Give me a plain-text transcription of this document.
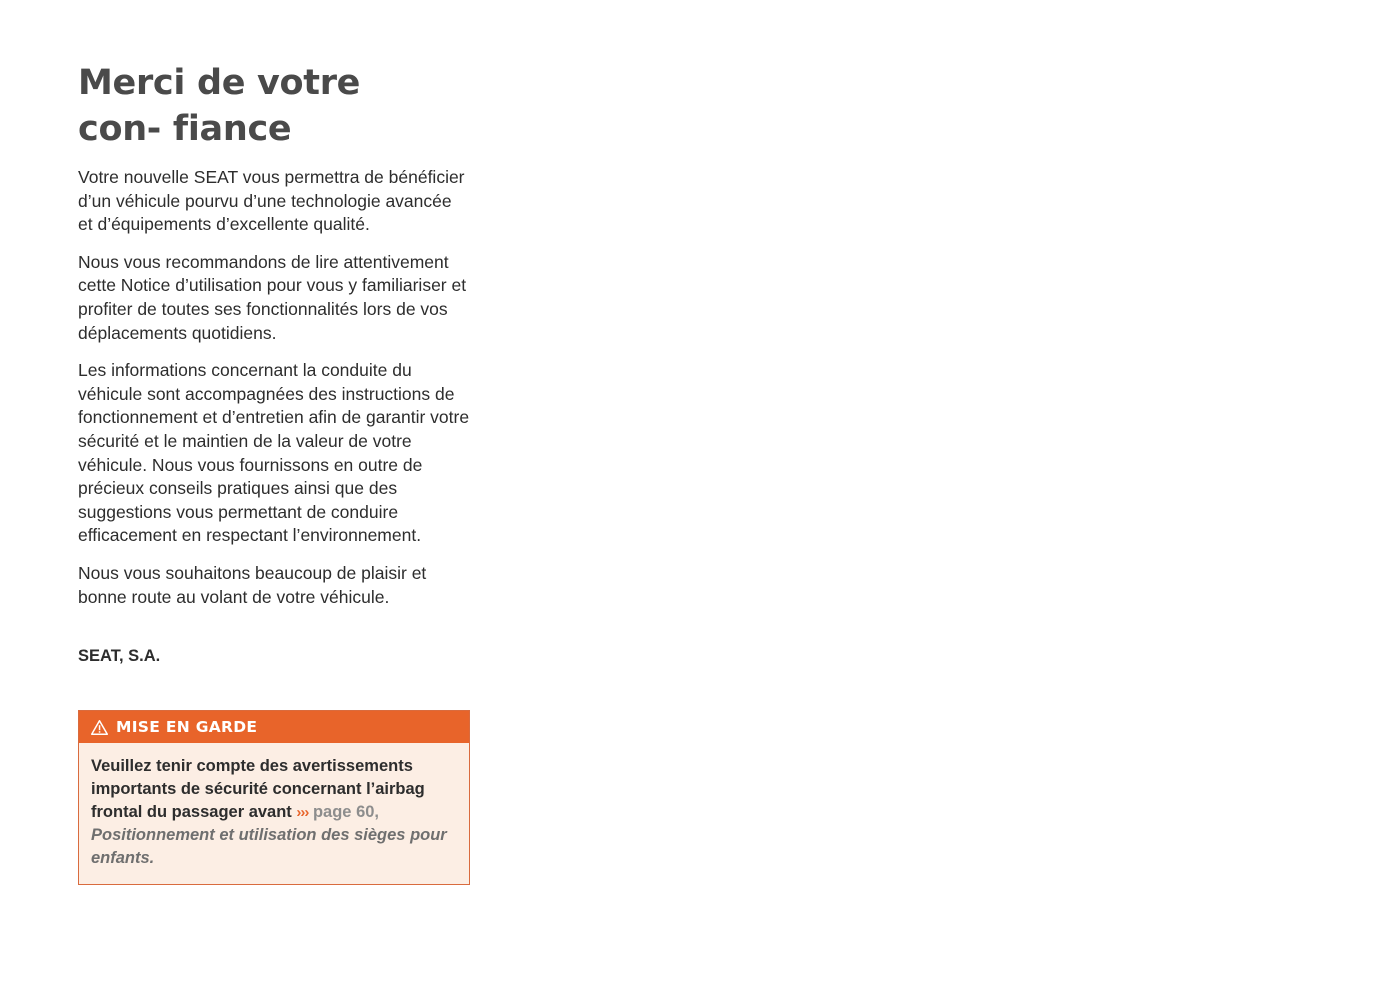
Merci de votre con- fiance

Votre nouvelle SEAT vous permettra de bénéficier d’un véhicule pourvu d’une technologie avancée et d’équipements d’excellente qualité.

Nous vous recommandons de lire attentivement cette Notice d’utilisation pour vous y familiariser et profiter de toutes ses fonctionnalités lors de vos déplacements quotidiens.

Les informations concernant la conduite du véhicule sont accompagnées des instructions de fonctionnement et d’entretien afin de garantir votre sécurité et le maintien de la valeur de votre véhicule. Nous vous fournissons en outre de précieux conseils pratiques ainsi que des suggestions vous permettant de conduire efficacement en respectant l’environnement.

Nous vous souhaitons beaucoup de plaisir et bonne route au volant de votre véhicule.

SEAT, S.A.

MISE EN GARDE
Veuillez tenir compte des avertissements importants de sécurité concernant l’airbag frontal du passager avant ››› page 60, Positionnement et utilisation des sièges pour enfants.
